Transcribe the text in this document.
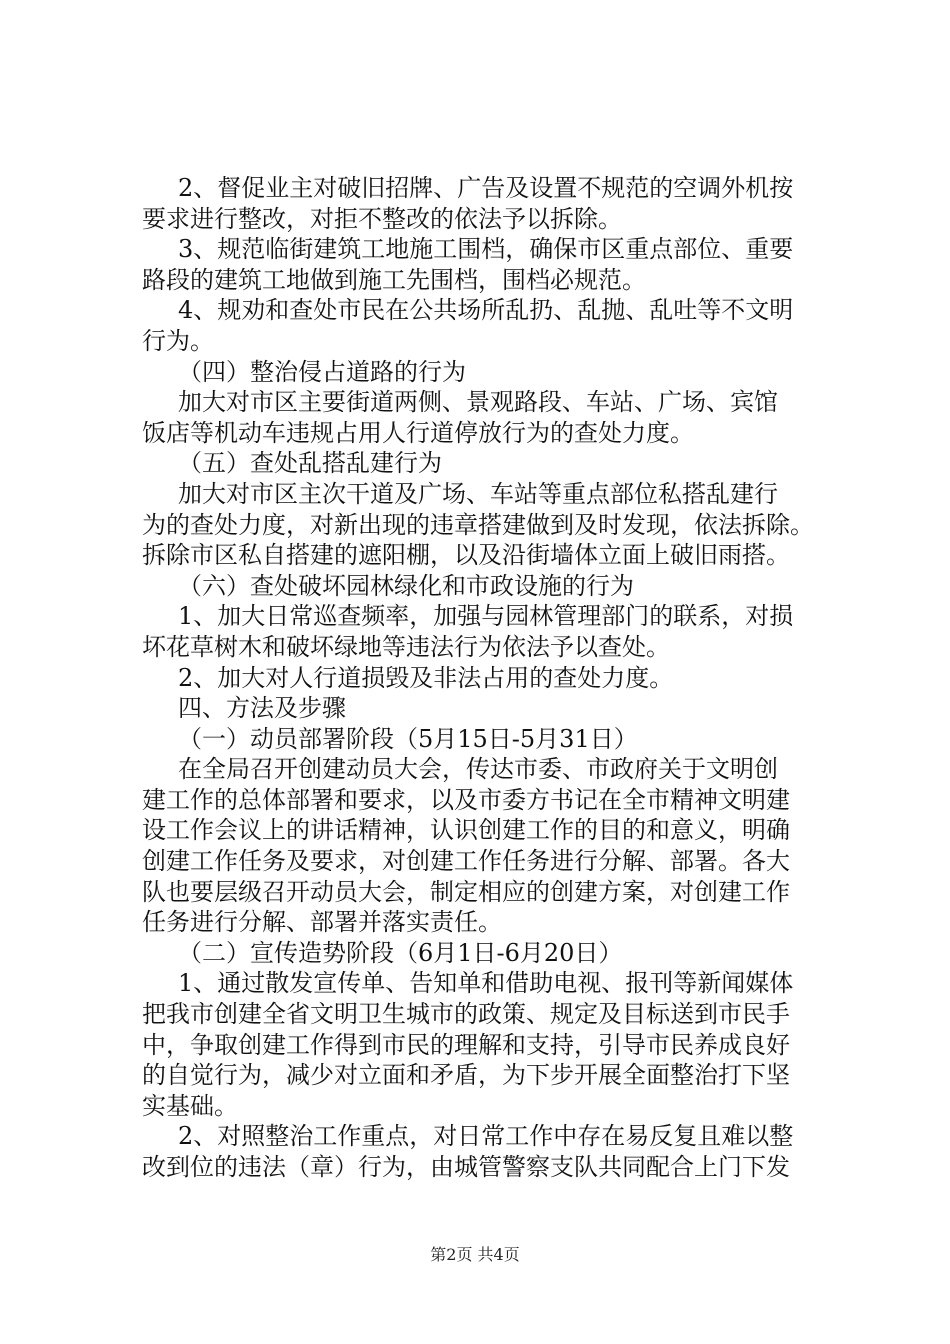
2、督促业主对破旧招牌、广告及设置不规范的空调外机按
要求进行整改，对拒不整改的依法予以拆除。
3、规范临街建筑工地施工围档，确保市区重点部位、重要
路段的建筑工地做到施工先围档，围档必规范。
4、规劝和查处市民在公共场所乱扔、乱抛、乱吐等不文明
行为。
（四）整治侵占道路的行为
加大对市区主要街道两侧、景观路段、车站、广场、宾馆
饭店等机动车违规占用人行道停放行为的查处力度。
（五）查处乱搭乱建行为
加大对市区主次干道及广场、车站等重点部位私搭乱建行
为的查处力度，对新出现的违章搭建做到及时发现，依法拆除。
拆除市区私自搭建的遮阳棚，以及沿街墙体立面上破旧雨搭。
（六）查处破坏园林绿化和市政设施的行为
1、加大日常巡查频率，加强与园林管理部门的联系，对损
坏花草树木和破坏绿地等违法行为依法予以查处。
2、加大对人行道损毁及非法占用的查处力度。
四、方法及步骤
（一）动员部署阶段（5月15日-5月31日）
在全局召开创建动员大会，传达市委、市政府关于文明创
建工作的总体部署和要求，以及市委方书记在全市精神文明建
设工作会议上的讲话精神，认识创建工作的目的和意义，明确
创建工作任务及要求，对创建工作任务进行分解、部署。各大
队也要层级召开动员大会，制定相应的创建方案，对创建工作
任务进行分解、部署并落实责任。
（二）宣传造势阶段（6月1日-6月20日）
1、通过散发宣传单、告知单和借助电视、报刊等新闻媒体
把我市创建全省文明卫生城市的政策、规定及目标送到市民手
中，争取创建工作得到市民的理解和支持，引导市民养成良好
的自觉行为，减少对立面和矛盾，为下步开展全面整治打下坚
实基础。
2、对照整治工作重点，对日常工作中存在易反复且难以整
改到位的违法（章）行为，由城管警察支队共同配合上门下发
第2页 共4页
